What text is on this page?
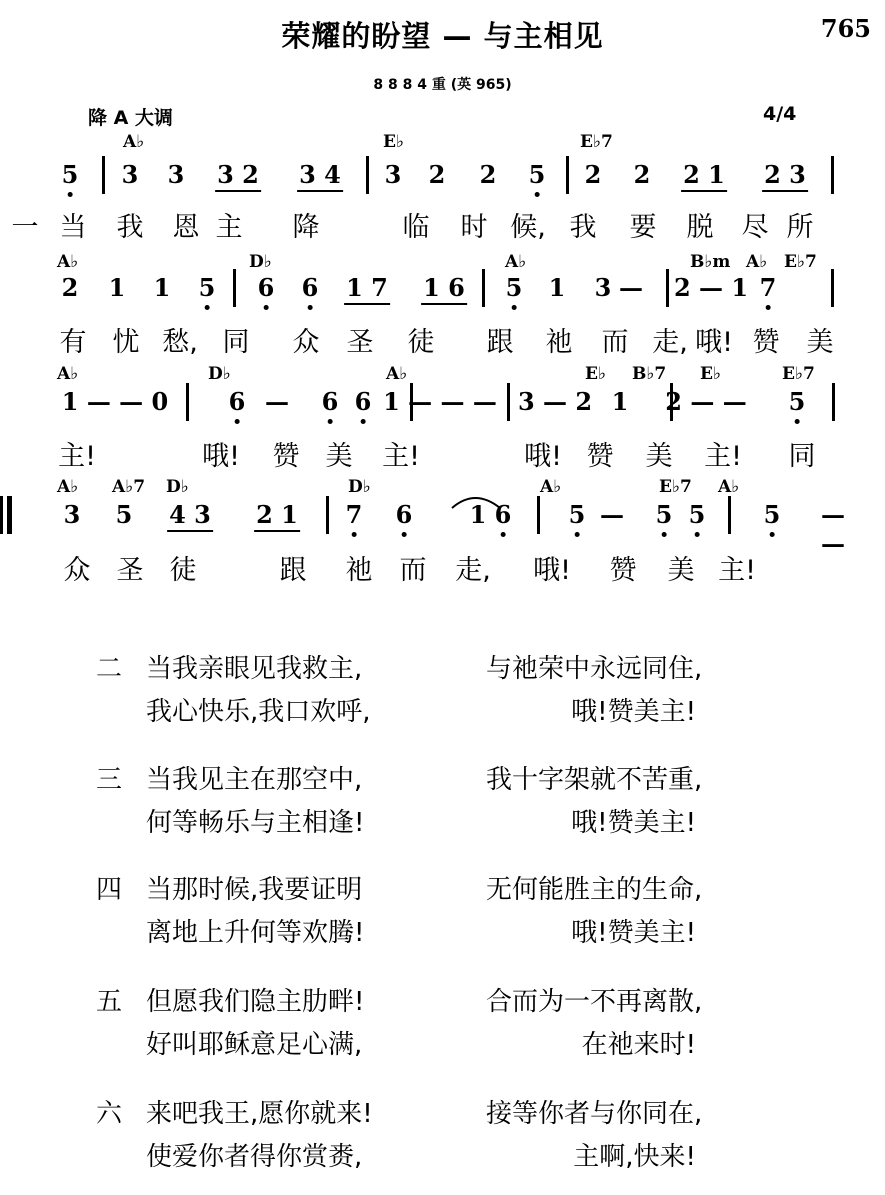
荣耀的盼望 — 与主相见	765
8 8 8 4 重 (英 965)
降 A 大调	4/4
5 3 3 3 2 3 4 3 2 2 5 2 2 2 1 2 3
A♭	E♭	E♭7
一 当 我 恩 主 降	临 时 候, 我 要 脱 尽 所
2 1 1 5 6 6 1 7 1 6 5 1 3 — 2 — 1 7
A♭	D♭	A♭	B♭m A♭ E♭7
有 忧 愁, 同 众 圣 徒 跟 祂 而 走, 哦! 赞 美
1 — — 0	6 — 6 6 1 — — — 3 — 2 1 2 — — 5
A♭	D♭	A♭	E♭ B♭7 E♭	E♭7
主!	哦! 赞 美 主!	哦! 赞 美 主! 同
3 5 4 3 2 1 7 6 1 6 5 — 5 5 5	— —
A♭ A♭7 D♭	D♭	A♭	E♭7 A♭
众 圣 徒	跟 祂 而 走, 哦! 赞 美 主!
二 当我亲眼见我救主,	与祂荣中永远同住,
我心快乐,我口欢呼,	哦!赞美主!
三 当我见主在那空中,	我十字架就不苦重,
何等畅乐与主相逢!	哦!赞美主!
四 当那时候,我要证明	无何能胜主的生命,
离地上升何等欢腾!	哦!赞美主!
五 但愿我们隐主肋畔!	合而为一不再离散,
好叫耶稣意足心满,	在祂来时!
六 来吧我王,愿你就来!	接等你者与你同在,
使爱你者得你赏赉,	主啊,快来!
